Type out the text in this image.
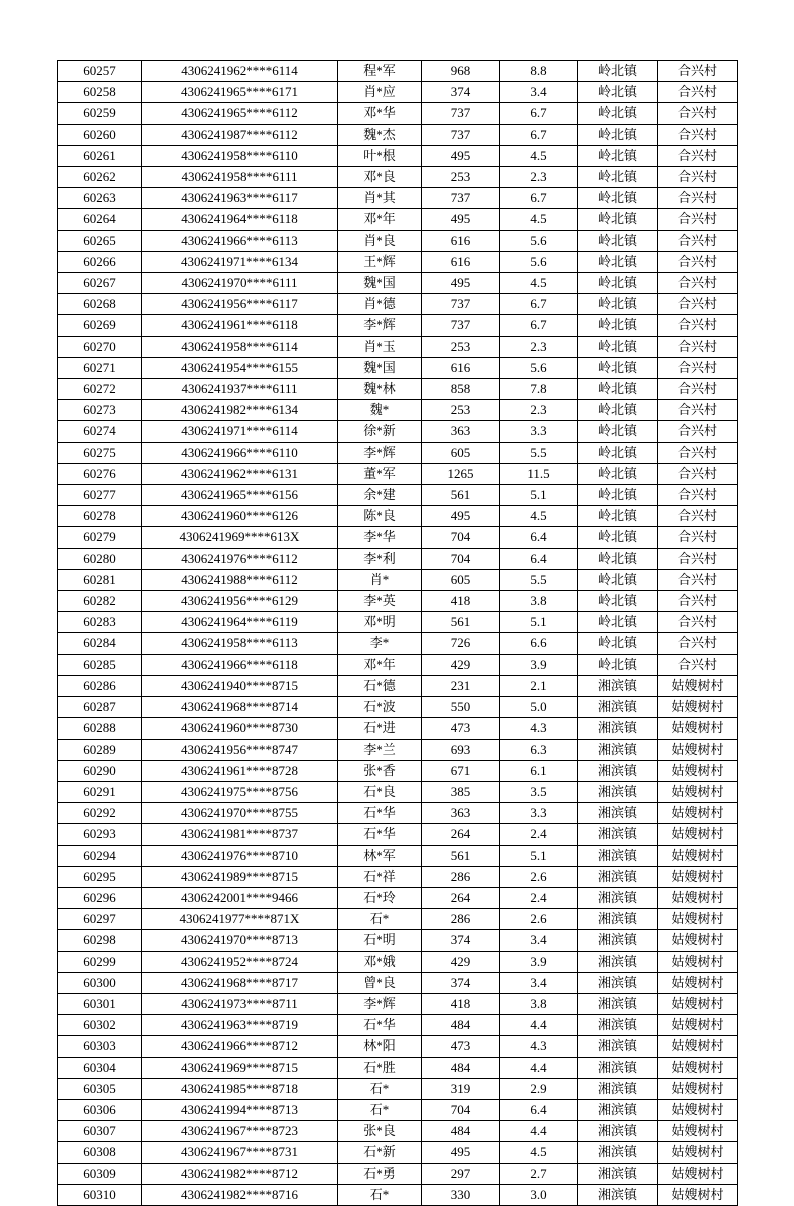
60257	4306241962****6114	程*军	968	8.8	岭北镇	合兴村
60258	4306241965****6171	肖*应	374	3.4	岭北镇	合兴村
60259	4306241965****6112	邓*华	737	6.7	岭北镇	合兴村
60260	4306241987****6112	魏*杰	737	6.7	岭北镇	合兴村
60261	4306241958****6110	叶*根	495	4.5	岭北镇	合兴村
60262	4306241958****6111	邓*良	253	2.3	岭北镇	合兴村
60263	4306241963****6117	肖*其	737	6.7	岭北镇	合兴村
60264	4306241964****6118	邓*年	495	4.5	岭北镇	合兴村
60265	4306241966****6113	肖*良	616	5.6	岭北镇	合兴村
60266	4306241971****6134	王*辉	616	5.6	岭北镇	合兴村
60267	4306241970****6111	魏*国	495	4.5	岭北镇	合兴村
60268	4306241956****6117	肖*德	737	6.7	岭北镇	合兴村
60269	4306241961****6118	李*辉	737	6.7	岭北镇	合兴村
60270	4306241958****6114	肖*玉	253	2.3	岭北镇	合兴村
60271	4306241954****6155	魏*国	616	5.6	岭北镇	合兴村
60272	4306241937****6111	魏*林	858	7.8	岭北镇	合兴村
60273	4306241982****6134	魏*	253	2.3	岭北镇	合兴村
60274	4306241971****6114	徐*新	363	3.3	岭北镇	合兴村
60275	4306241966****6110	李*辉	605	5.5	岭北镇	合兴村
60276	4306241962****6131	董*军	1265	11.5	岭北镇	合兴村
60277	4306241965****6156	余*建	561	5.1	岭北镇	合兴村
60278	4306241960****6126	陈*良	495	4.5	岭北镇	合兴村
60279	4306241969****613X	李*华	704	6.4	岭北镇	合兴村
60280	4306241976****6112	李*利	704	6.4	岭北镇	合兴村
60281	4306241988****6112	肖*	605	5.5	岭北镇	合兴村
60282	4306241956****6129	李*英	418	3.8	岭北镇	合兴村
60283	4306241964****6119	邓*明	561	5.1	岭北镇	合兴村
60284	4306241958****6113	李*	726	6.6	岭北镇	合兴村
60285	4306241966****6118	邓*年	429	3.9	岭北镇	合兴村
60286	4306241940****8715	石*德	231	2.1	湘滨镇	姑嫂树村
60287	4306241968****8714	石*波	550	5.0	湘滨镇	姑嫂树村
60288	4306241960****8730	石*进	473	4.3	湘滨镇	姑嫂树村
60289	4306241956****8747	李*兰	693	6.3	湘滨镇	姑嫂树村
60290	4306241961****8728	张*香	671	6.1	湘滨镇	姑嫂树村
60291	4306241975****8756	石*良	385	3.5	湘滨镇	姑嫂树村
60292	4306241970****8755	石*华	363	3.3	湘滨镇	姑嫂树村
60293	4306241981****8737	石*华	264	2.4	湘滨镇	姑嫂树村
60294	4306241976****8710	林*军	561	5.1	湘滨镇	姑嫂树村
60295	4306241989****8715	石*祥	286	2.6	湘滨镇	姑嫂树村
60296	4306242001****9466	石*玲	264	2.4	湘滨镇	姑嫂树村
60297	4306241977****871X	石*	286	2.6	湘滨镇	姑嫂树村
60298	4306241970****8713	石*明	374	3.4	湘滨镇	姑嫂树村
60299	4306241952****8724	邓*娥	429	3.9	湘滨镇	姑嫂树村
60300	4306241968****8717	曾*良	374	3.4	湘滨镇	姑嫂树村
60301	4306241973****8711	李*辉	418	3.8	湘滨镇	姑嫂树村
60302	4306241963****8719	石*华	484	4.4	湘滨镇	姑嫂树村
60303	4306241966****8712	林*阳	473	4.3	湘滨镇	姑嫂树村
60304	4306241969****8715	石*胜	484	4.4	湘滨镇	姑嫂树村
60305	4306241985****8718	石*	319	2.9	湘滨镇	姑嫂树村
60306	4306241994****8713	石*	704	6.4	湘滨镇	姑嫂树村
60307	4306241967****8723	张*良	484	4.4	湘滨镇	姑嫂树村
60308	4306241967****8731	石*新	495	4.5	湘滨镇	姑嫂树村
60309	4306241982****8712	石*勇	297	2.7	湘滨镇	姑嫂树村
60310	4306241982****8716	石*	330	3.0	湘滨镇	姑嫂树村
